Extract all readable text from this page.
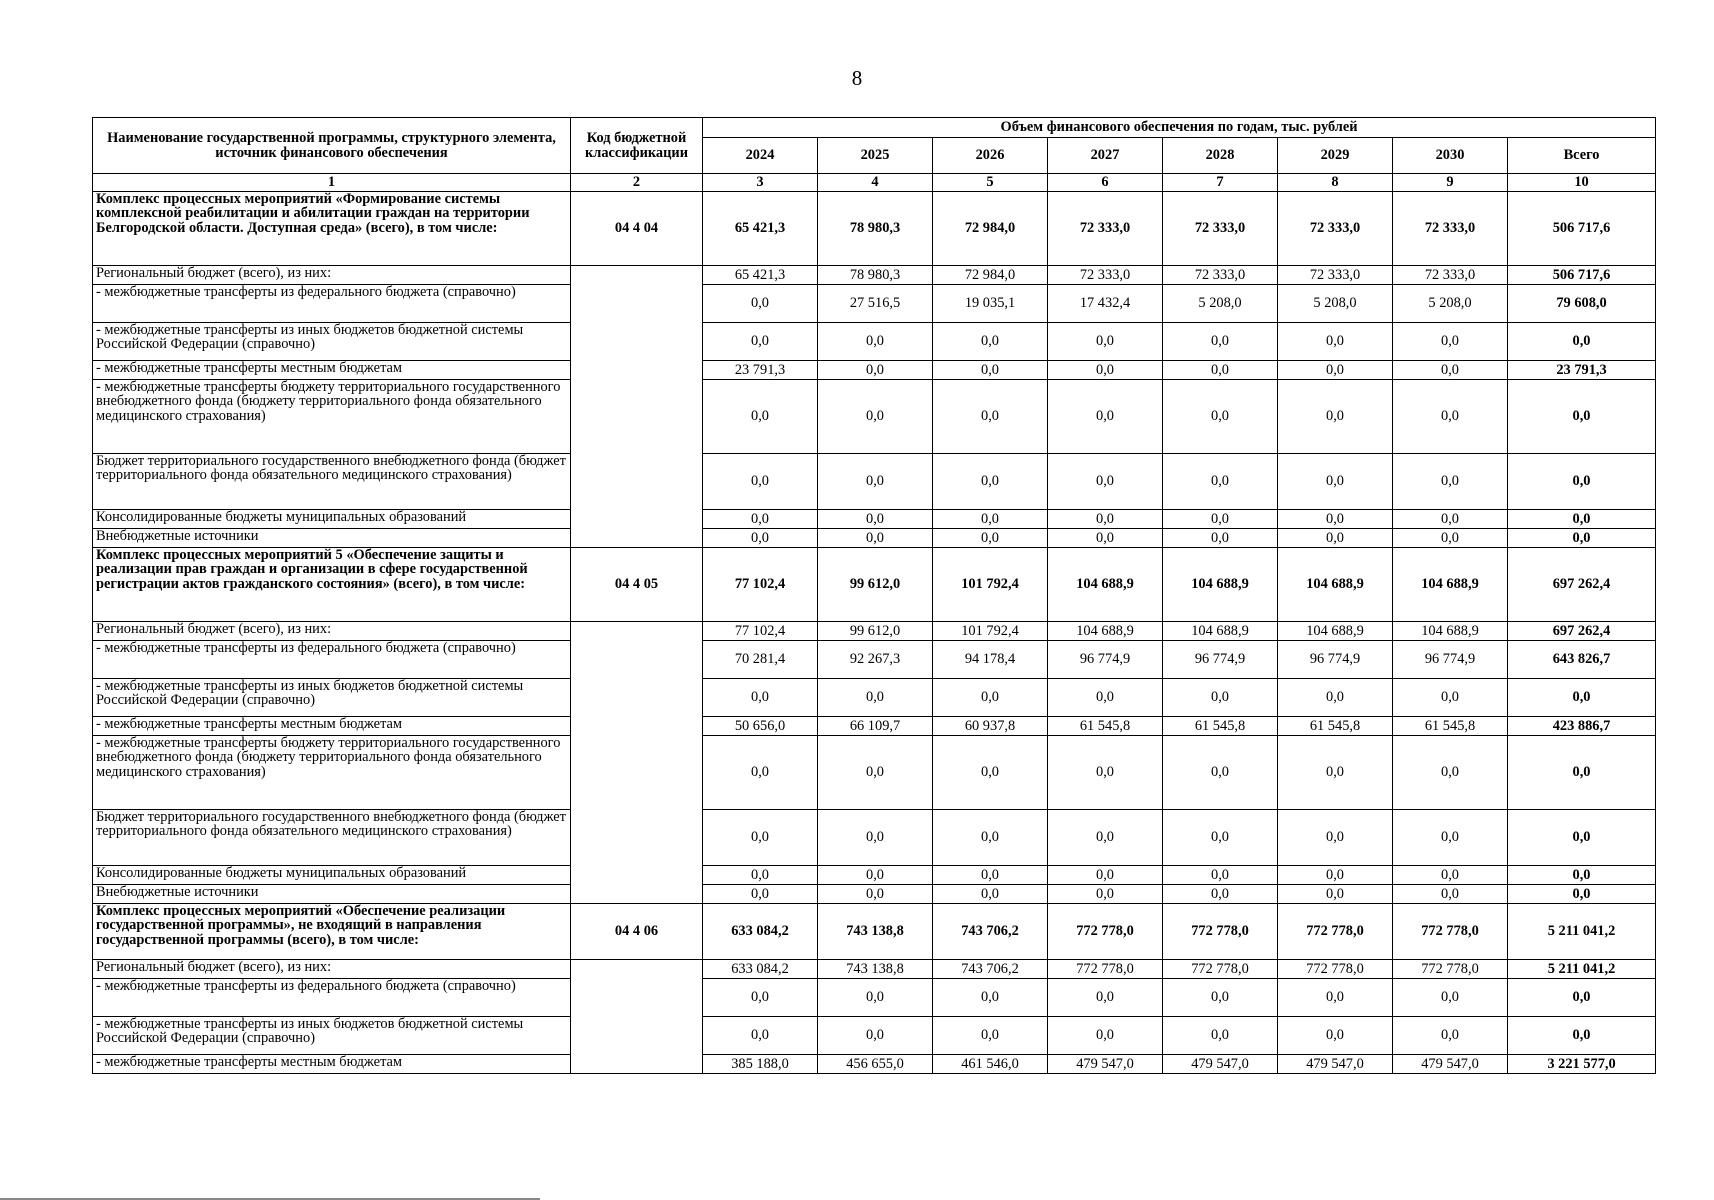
8
Наименование государственной программы, структурного элемента, источник финансового обеспечения	Код бюджетной классификации	Объем финансового обеспечения по годам, тыс. рублей							
		2024	2025	2026	2027	2028	2029	2030	Всего
1	2	3	4	5	6	7	8	9	10
Комплекс процессных мероприятий «Формирование системы комплексной реабилитации и абилитации граждан на территории Белгородской области. Доступная среда» (всего), в том числе:	04 4 04	65 421,3	78 980,3	72 984,0	72 333,0	72 333,0	72 333,0	72 333,0	506 717,6
Региональный бюджет (всего), из них:		65 421,3	78 980,3	72 984,0	72 333,0	72 333,0	72 333,0	72 333,0	506 717,6
- межбюджетные трансферты из федерального бюджета (справочно)		0,0	27 516,5	19 035,1	17 432,4	5 208,0	5 208,0	5 208,0	79 608,0
- межбюджетные трансферты из иных бюджетов бюджетной системы Российской Федерации (справочно)		0,0	0,0	0,0	0,0	0,0	0,0	0,0	0,0
- межбюджетные трансферты местным бюджетам		23 791,3	0,0	0,0	0,0	0,0	0,0	0,0	23 791,3
- межбюджетные трансферты бюджету территориального государственного внебюджетного фонда (бюджету территориального фонда обязательного медицинского страхования)		0,0	0,0	0,0	0,0	0,0	0,0	0,0	0,0
Бюджет территориального государственного внебюджетного фонда (бюджет территориального фонда обязательного медицинского страхования)		0,0	0,0	0,0	0,0	0,0	0,0	0,0	0,0
Консолидированные бюджеты муниципальных образований		0,0	0,0	0,0	0,0	0,0	0,0	0,0	0,0
Внебюджетные источники		0,0	0,0	0,0	0,0	0,0	0,0	0,0	0,0
Комплекс процессных мероприятий 5 «Обеспечение защиты и реализации прав граждан и организации в сфере государственной регистрации актов гражданского состояния» (всего), в том числе:	04 4 05	77 102,4	99 612,0	101 792,4	104 688,9	104 688,9	104 688,9	104 688,9	697 262,4
Региональный бюджет (всего), из них:		77 102,4	99 612,0	101 792,4	104 688,9	104 688,9	104 688,9	104 688,9	697 262,4
- межбюджетные трансферты из федерального бюджета (справочно)		70 281,4	92 267,3	94 178,4	96 774,9	96 774,9	96 774,9	96 774,9	643 826,7
- межбюджетные трансферты из иных бюджетов бюджетной системы Российской Федерации (справочно)		0,0	0,0	0,0	0,0	0,0	0,0	0,0	0,0
- межбюджетные трансферты местным бюджетам		50 656,0	66 109,7	60 937,8	61 545,8	61 545,8	61 545,8	61 545,8	423 886,7
- межбюджетные трансферты бюджету территориального государственного внебюджетного фонда (бюджету территориального фонда обязательного медицинского страхования)		0,0	0,0	0,0	0,0	0,0	0,0	0,0	0,0
Бюджет территориального государственного внебюджетного фонда (бюджет территориального фонда обязательного медицинского страхования)		0,0	0,0	0,0	0,0	0,0	0,0	0,0	0,0
Консолидированные бюджеты муниципальных образований		0,0	0,0	0,0	0,0	0,0	0,0	0,0	0,0
Внебюджетные источники		0,0	0,0	0,0	0,0	0,0	0,0	0,0	0,0
Комплекс процессных мероприятий «Обеспечение реализации государственной программы», не входящий в направления государственной программы (всего), в том числе:	04 4 06	633 084,2	743 138,8	743 706,2	772 778,0	772 778,0	772 778,0	772 778,0	5 211 041,2
Региональный бюджет (всего), из них:		633 084,2	743 138,8	743 706,2	772 778,0	772 778,0	772 778,0	772 778,0	5 211 041,2
- межбюджетные трансферты из федерального бюджета (справочно)		0,0	0,0	0,0	0,0	0,0	0,0	0,0	0,0
- межбюджетные трансферты из иных бюджетов бюджетной системы Российской Федерации (справочно)		0,0	0,0	0,0	0,0	0,0	0,0	0,0	0,0
- межбюджетные трансферты местным бюджетам		385 188,0	456 655,0	461 546,0	479 547,0	479 547,0	479 547,0	479 547,0	3 221 577,0
